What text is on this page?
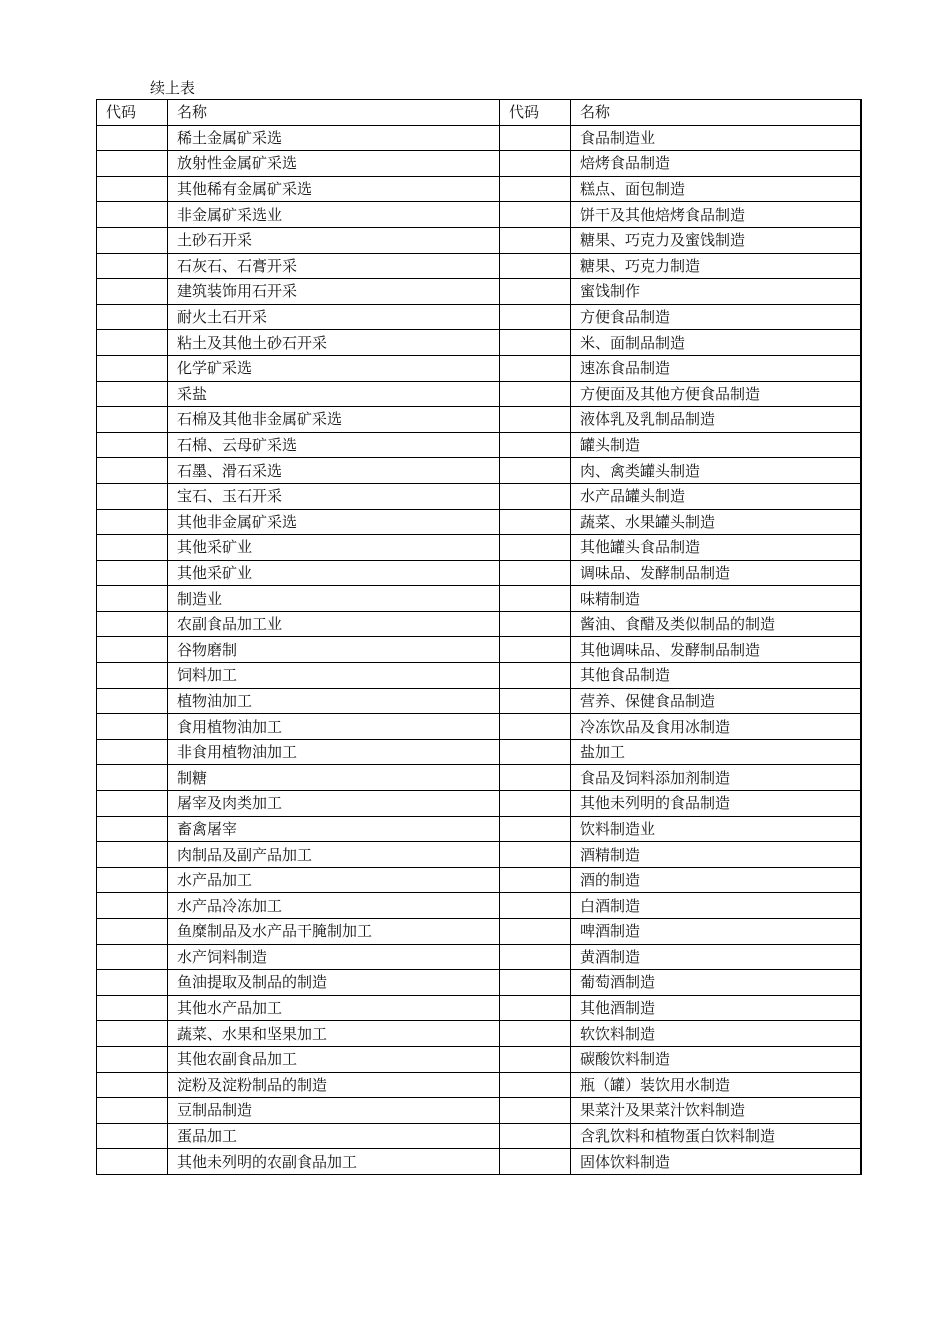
续上表
代码	名称	代码	名称
	稀土金属矿采选		食品制造业
	放射性金属矿采选		焙烤食品制造
	其他稀有金属矿采选		糕点、面包制造
	非金属矿采选业		饼干及其他焙烤食品制造
	土砂石开采		糖果、巧克力及蜜饯制造
	石灰石、石膏开采		糖果、巧克力制造
	建筑装饰用石开采		蜜饯制作
	耐火土石开采		方便食品制造
	粘土及其他土砂石开采		米、面制品制造
	化学矿采选		速冻食品制造
	采盐		方便面及其他方便食品制造
	石棉及其他非金属矿采选		液体乳及乳制品制造
	石棉、云母矿采选		罐头制造
	石墨、滑石采选		肉、禽类罐头制造
	宝石、玉石开采		水产品罐头制造
	其他非金属矿采选		蔬菜、水果罐头制造
	其他采矿业		其他罐头食品制造
	其他采矿业		调味品、发酵制品制造
	制造业		味精制造
	农副食品加工业		酱油、食醋及类似制品的制造
	谷物磨制		其他调味品、发酵制品制造
	饲料加工		其他食品制造
	植物油加工		营养、保健食品制造
	食用植物油加工		冷冻饮品及食用冰制造
	非食用植物油加工		盐加工
	制糖		食品及饲料添加剂制造
	屠宰及肉类加工		其他未列明的食品制造
	畜禽屠宰		饮料制造业
	肉制品及副产品加工		酒精制造
	水产品加工		酒的制造
	水产品冷冻加工		白酒制造
	鱼糜制品及水产品干腌制加工		啤酒制造
	水产饲料制造		黄酒制造
	鱼油提取及制品的制造		葡萄酒制造
	其他水产品加工		其他酒制造
	蔬菜、水果和坚果加工		软饮料制造
	其他农副食品加工		碳酸饮料制造
	淀粉及淀粉制品的制造		瓶（罐）装饮用水制造
	豆制品制造		果菜汁及果菜汁饮料制造
	蛋品加工		含乳饮料和植物蛋白饮料制造
	其他未列明的农副食品加工		固体饮料制造
